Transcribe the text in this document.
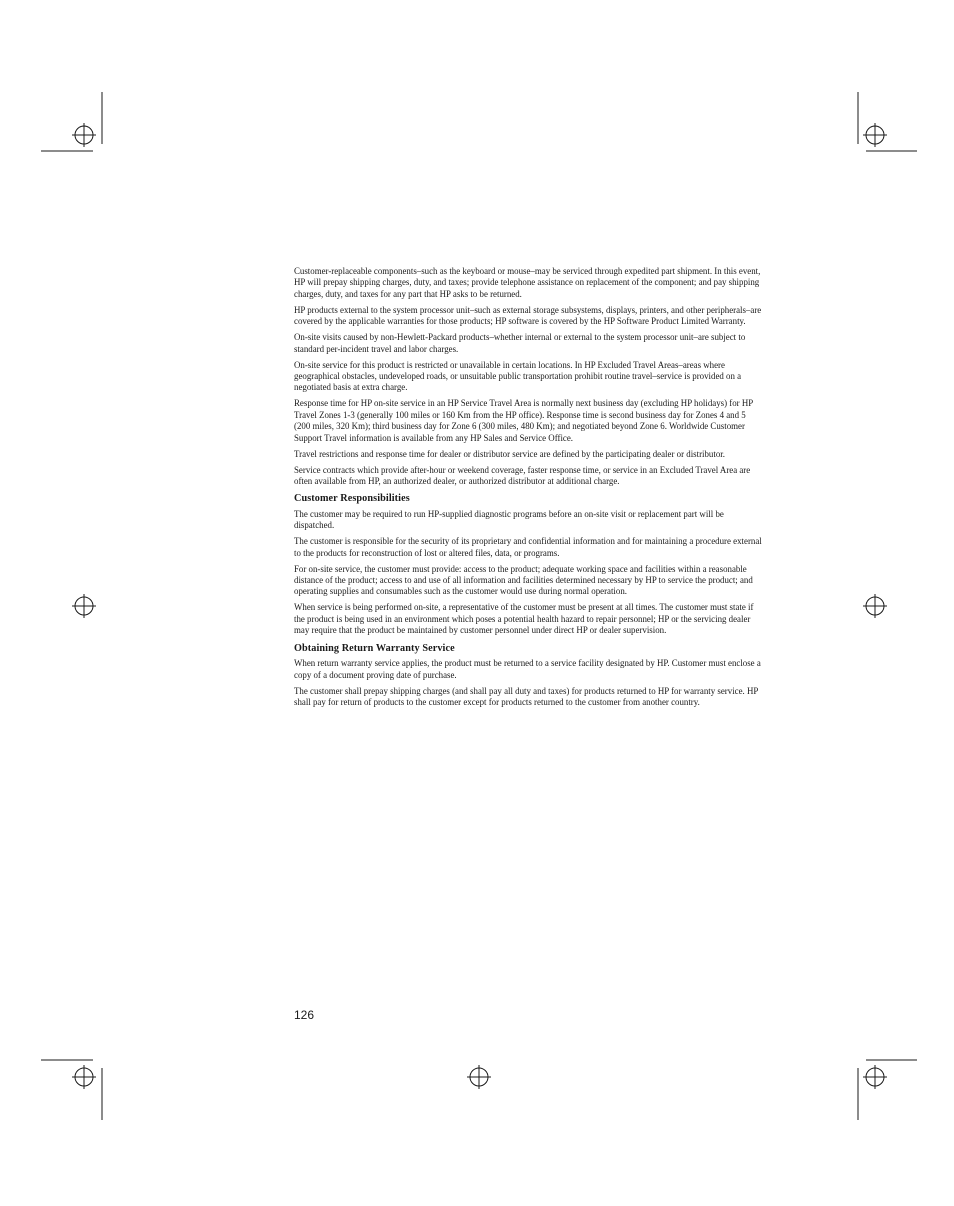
Customer-replaceable components–such as the keyboard or mouse–may be serviced through expedited part shipment. In this event, HP will prepay shipping charges, duty, and taxes; provide telephone assistance on replacement of the component; and pay shipping charges, duty, and taxes for any part that HP asks to be returned.

HP products external to the system processor unit–such as external storage subsystems, displays, printers, and other peripherals–are covered by the applicable warranties for those products; HP software is covered by the HP Software Product Limited Warranty.

On-site visits caused by non-Hewlett-Packard products–whether internal or external to the system processor unit–are subject to standard per-incident travel and labor charges.

On-site service for this product is restricted or unavailable in certain locations. In HP Excluded Travel Areas–areas where geographical obstacles, undeveloped roads, or unsuitable public transportation prohibit routine travel–service is provided on a negotiated basis at extra charge.

Response time for HP on-site service in an HP Service Travel Area is normally next business day (excluding HP holidays) for HP Travel Zones 1-3 (generally 100 miles or 160 Km from the HP office). Response time is second business day for Zones 4 and 5 (200 miles, 320 Km); third business day for Zone 6 (300 miles, 480 Km); and negotiated beyond Zone 6. Worldwide Customer Support Travel information is available from any HP Sales and Service Office.

Travel restrictions and response time for dealer or distributor service are defined by the participating dealer or distributor.

Service contracts which provide after-hour or weekend coverage, faster response time, or service in an Excluded Travel Area are often available from HP, an authorized dealer, or authorized distributor at additional charge.

Customer Responsibilities

The customer may be required to run HP-supplied diagnostic programs before an on-site visit or replacement part will be dispatched.

The customer is responsible for the security of its proprietary and confidential information and for maintaining a procedure external to the products for reconstruction of lost or altered files, data, or programs.

For on-site service, the customer must provide: access to the product; adequate working space and facilities within a reasonable distance of the product; access to and use of all information and facilities determined necessary by HP to service the product; and operating supplies and consumables such as the customer would use during normal operation.

When service is being performed on-site, a representative of the customer must be present at all times. The customer must state if the product is being used in an environment which poses a potential health hazard to repair personnel; HP or the servicing dealer may require that the product be maintained by customer personnel under direct HP or dealer supervision.

Obtaining Return Warranty Service

When return warranty service applies, the product must be returned to a service facility designated by HP. Customer must enclose a copy of a document proving date of purchase.

The customer shall prepay shipping charges (and shall pay all duty and taxes) for products returned to HP for warranty service. HP shall pay for return of products to the customer except for products returned to the customer from another country.

126
